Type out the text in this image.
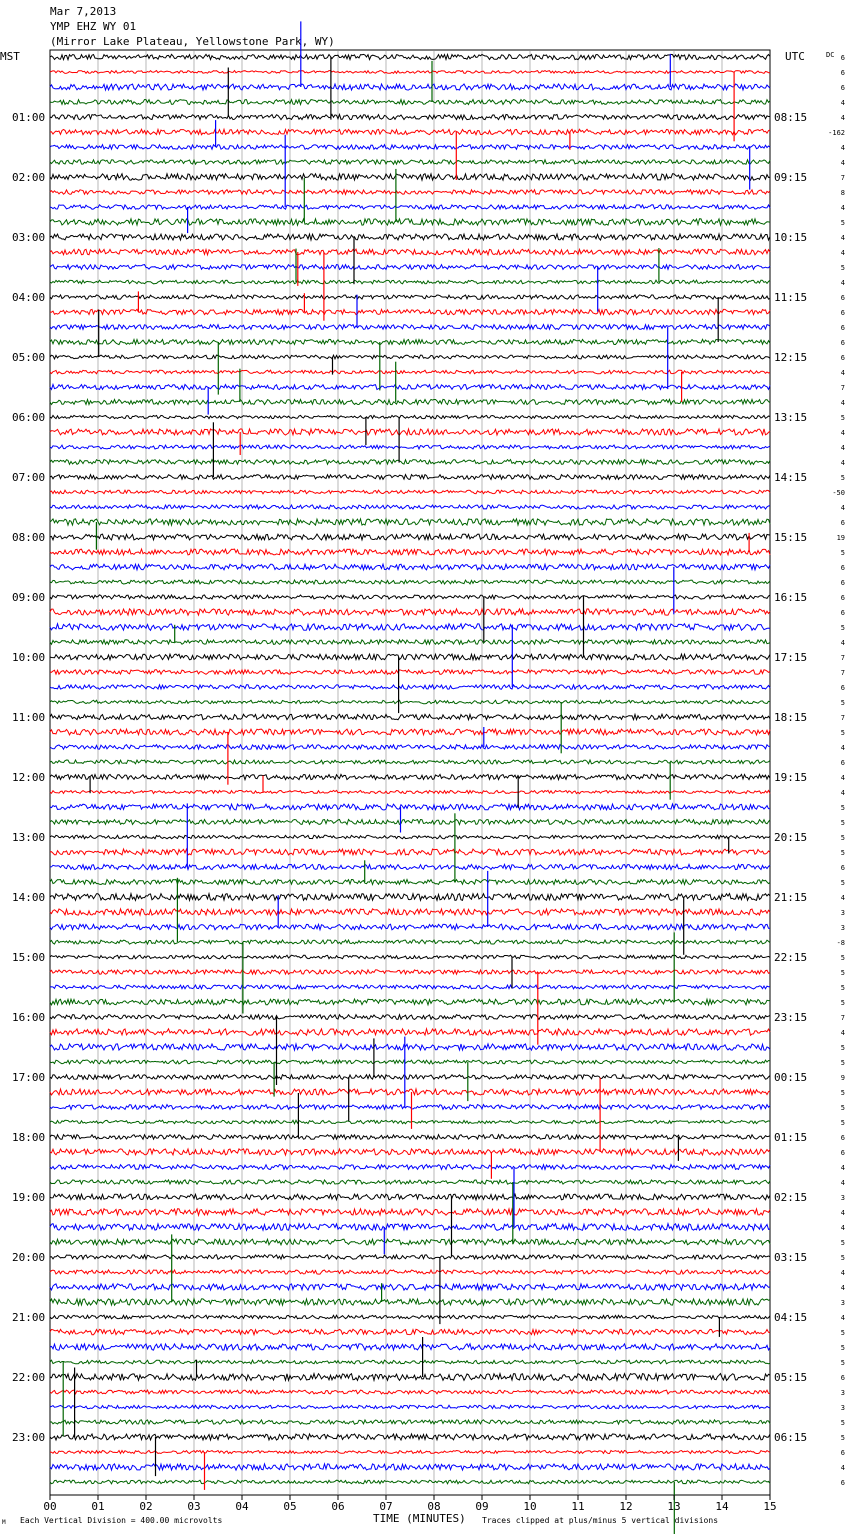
Mar 7,2013
YMP EHZ WY 01
(Mirror Lake Plateau, Yellowstone Park, WY)
MST	UTC	DC
01:00
02:00
03:00
04:00
05:00
06:00
07:00
08:00
09:00
10:00
11:00
12:00
13:00
14:00
15:00
16:00
17:00
18:00
19:00
20:00
21:00
22:00
23:00
08:15
09:15
10:15
11:15
12:15
13:15
14:15
15:15
16:15
17:15
18:15
19:15
20:15
21:15
22:15
23:15
00:15
01:15
02:15
03:15
04:15
05:15
06:15
6
6
6
4
4
-162
4
4
7
8
4
5
4
4
5
4
6
6
6
6
6
4
7
4
5
4
4
4
5
-50
4
6
19
5
6
6
6
6
5
4
7
7
6
5
7
5
4
6
4
4
5
5
5
5
6
5
4
3
3
-8
5
5
5
5
7
4
5
5
9
5
5
5
6
6
4
4
3
4
4
5
5
4
4
3
4
5
5
5
6
3
3
5
5
6
4
6
00	01	02	03	04	05	06	07	08	09	10	11	12	13	14	15
TIME (MINUTES)
M Each Vertical Division = 400.00 microvolts	Traces clipped at plus/minus 5 vertical divisions
